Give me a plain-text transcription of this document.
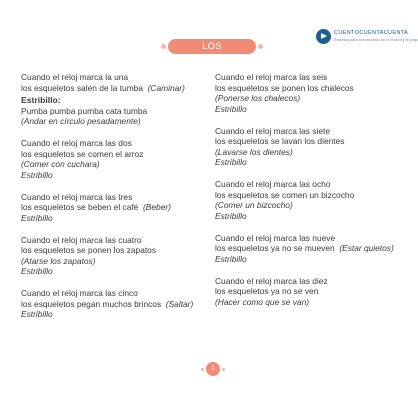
LOS ESQUELETOS
CUENTOCUENTACUENTA
Recursos para comunicarse con la música y el juego
Cuando el reloj marca la una
los esqueletos salen de la tumba (Caminar)
Estribillo:
Pumba pumba pumba cata tumba
(Andar en círculo pesadamente)
Cuando el reloj marca las dos
los esqueletos se comen el arroz
(Comer con cuchara)
Estribillo
Cuando el reloj marca las tres
los esqueletos se beben el café (Beber)
Estribillo
Cuando el reloj marca las cuatro
los esqueletos se ponen los zapatos
(Atarse los zapatos)
Estribillo
Cuando el reloj marca las cinco
los esqueletos pegan muchos brincos (Saltar)
Estribillo
Cuando el reloj marca las seis
los esqueletos se ponen los chalecos
(Ponerse los chalecos)
Estribillo
Cuando el reloj marca las siete
los esqueletos se lavan los dientes
(Lavarse los dientes)
Estribillo
Cuando el reloj marca las ocho
los esqueletos se comen un bizcocho
(Comer un bizcocho)
Estribillo
Cuando el reloj marca las nueve
los esqueletos ya no se mueven (Estar quietos)
Estribillo
Cuando el reloj marca las diez
los esqueletos ya no se ven
(Hacer como que se van)
1
